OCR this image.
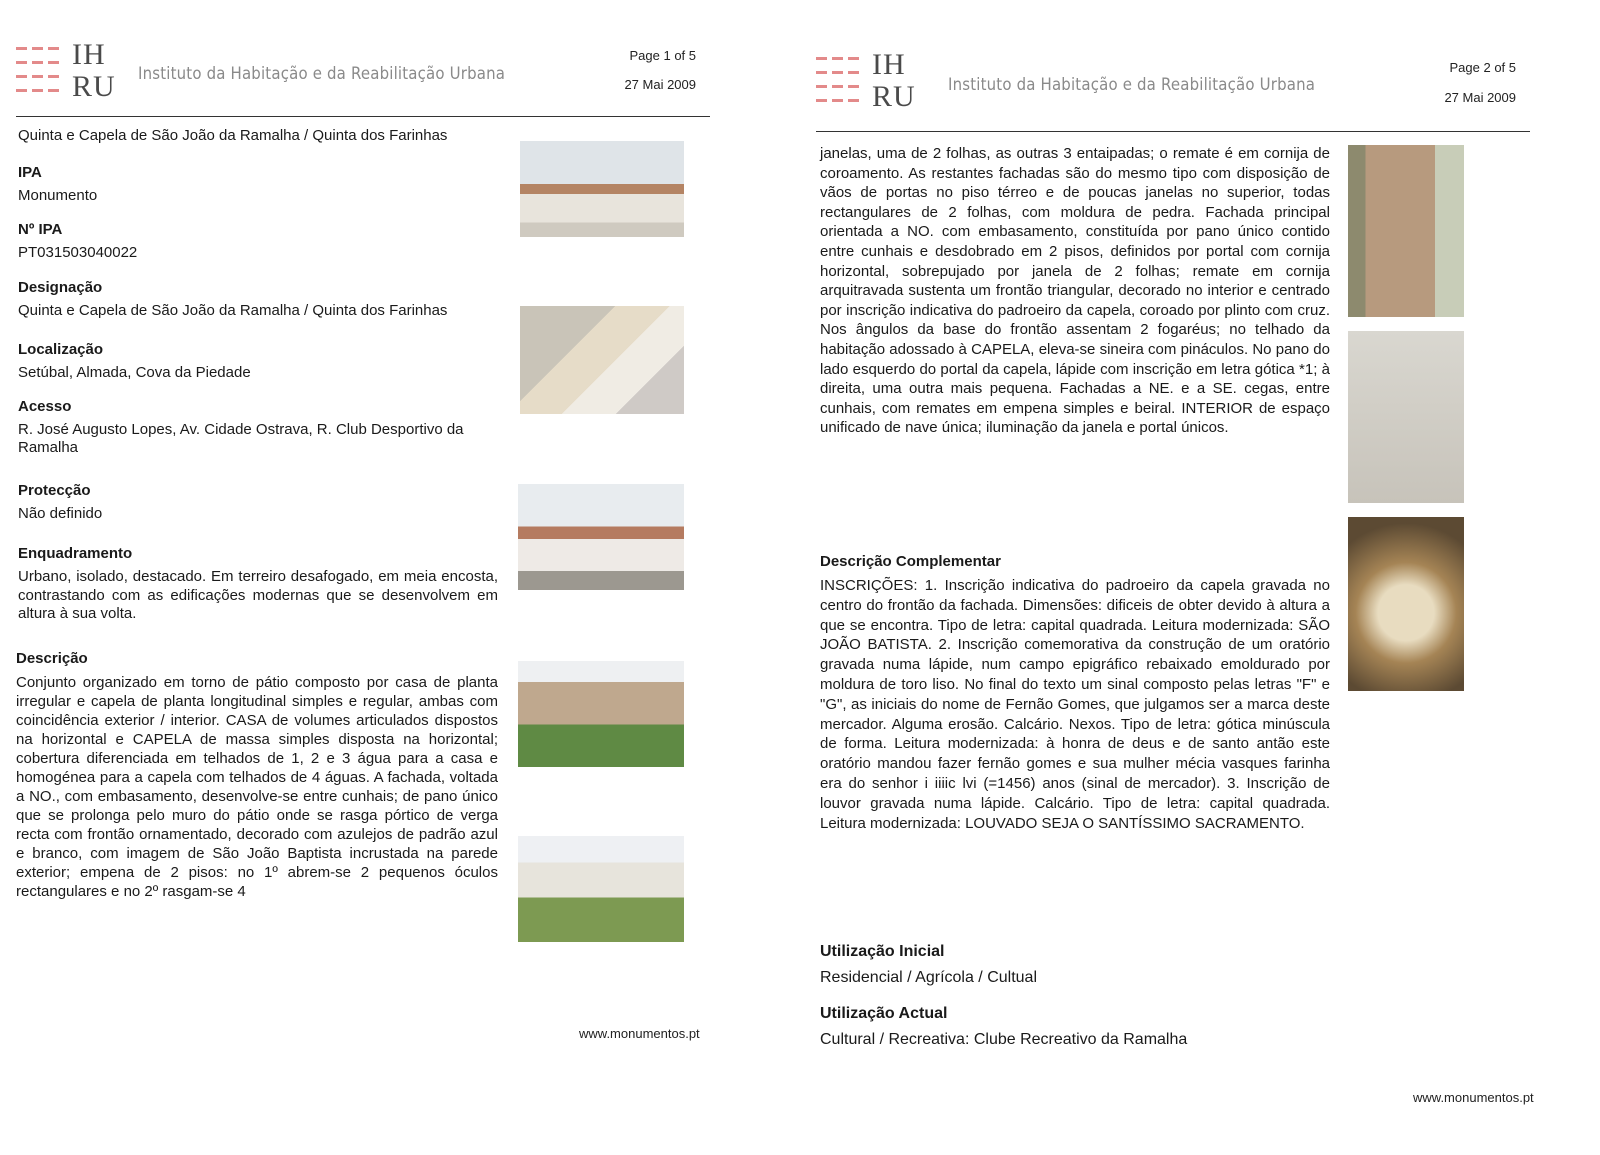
IH
RU Instituto da Habitação e da Reabilitação Urbana
Page 1 of 5
27 Mai 2009

Quinta e Capela de São João da Ramalha / Quinta dos Farinhas

IPA

Monumento

Nº IPA

PT031503040022

Designação

Quinta e Capela de São João da Ramalha / Quinta dos Farinhas

Localização

Setúbal, Almada, Cova da Piedade

Acesso

R. José Augusto Lopes, Av. Cidade Ostrava, R. Club Desportivo da Ramalha

Protecção

Não definido

Enquadramento

Urbano, isolado, destacado. Em terreiro desafogado, em meia encosta, contrastando com as edificações modernas que se desenvolvem em altura à sua volta.

Descrição

Conjunto organizado em torno de pátio composto por casa de planta irregular e capela de planta longitudinal simples e regular, ambas com coincidência exterior / interior. CASA de volumes articulados dispostos na horizontal e CAPELA de massa simples disposta na horizontal; cobertura diferenciada em telhados de 1, 2 e 3 água para a casa e homogénea para a capela com telhados de 4 águas. A fachada, voltada a NO., com embasamento, desenvolve-se entre cunhais; de pano único que se prolonga pelo muro do pátio onde se rasga pórtico de verga recta com frontão ornamentado, decorado com azulejos de padrão azul e branco, com imagem de São João Baptista incrustada na parede exterior; empena de 2 pisos: no 1º abrem-se 2 pequenos óculos rectangulares e no 2º rasgam-se 4

www.monumentos.pt
IH
RU Instituto da Habitação e da Reabilitação Urbana
Page 2 of 5
27 Mai 2009

janelas, uma de 2 folhas, as outras 3 entaipadas; o remate é em cornija de coroamento. As restantes fachadas são do mesmo tipo com disposição de vãos de portas no piso térreo e de poucas janelas no superior, todas rectangulares de 2 folhas, com moldura de pedra. Fachada principal orientada a NO. com embasamento, constituída por pano único contido entre cunhais e desdobrado em 2 pisos, definidos por portal com cornija horizontal, sobrepujado por janela de 2 folhas; remate em cornija arquitravada sustenta um frontão triangular, decorado no interior e centrado por inscrição indicativa do padroeiro da capela, coroado por plinto com cruz. Nos ângulos da base do frontão assentam 2 fogaréus; no telhado da habitação adossado à CAPELA, eleva-se sineira com pináculos. No pano do lado esquerdo do portal da capela, lápide com inscrição em letra gótica *1; à direita, uma outra mais pequena. Fachadas a NE. e a SE. cegas, entre cunhais, com remates em empena simples e beiral. INTERIOR de espaço unificado de nave única; iluminação da janela e portal únicos.

Descrição Complementar

INSCRIÇÕES: 1. Inscrição indicativa do padroeiro da capela gravada no centro do frontão da fachada. Dimensões: dificeis de obter devido à altura a que se encontra. Tipo de letra: capital quadrada. Leitura modernizada: SÃO JOÃO BATISTA. 2. Inscrição comemorativa da construção de um oratório gravada numa lápide, num campo epigráfico rebaixado emoldurado por moldura de toro liso. No final do texto um sinal composto pelas letras "F" e "G", as iniciais do nome de Fernão Gomes, que julgamos ser a marca deste mercador. Alguma erosão. Calcário. Nexos. Tipo de letra: gótica minúscula de forma. Leitura modernizada: à honra de deus e de santo antão este oratório mandou fazer fernão gomes e sua mulher mécia vasques farinha era do senhor i iiiic lvi (=1456) anos (sinal de mercador). 3. Inscrição de louvor gravada numa lápide. Calcário. Tipo de letra: capital quadrada. Leitura modernizada: LOUVADO SEJA O SANTÍSSIMO SACRAMENTO.

Utilização Inicial

Residencial / Agrícola / Cultual

Utilização Actual

Cultural / Recreativa: Clube Recreativo da Ramalha

www.monumentos.pt
